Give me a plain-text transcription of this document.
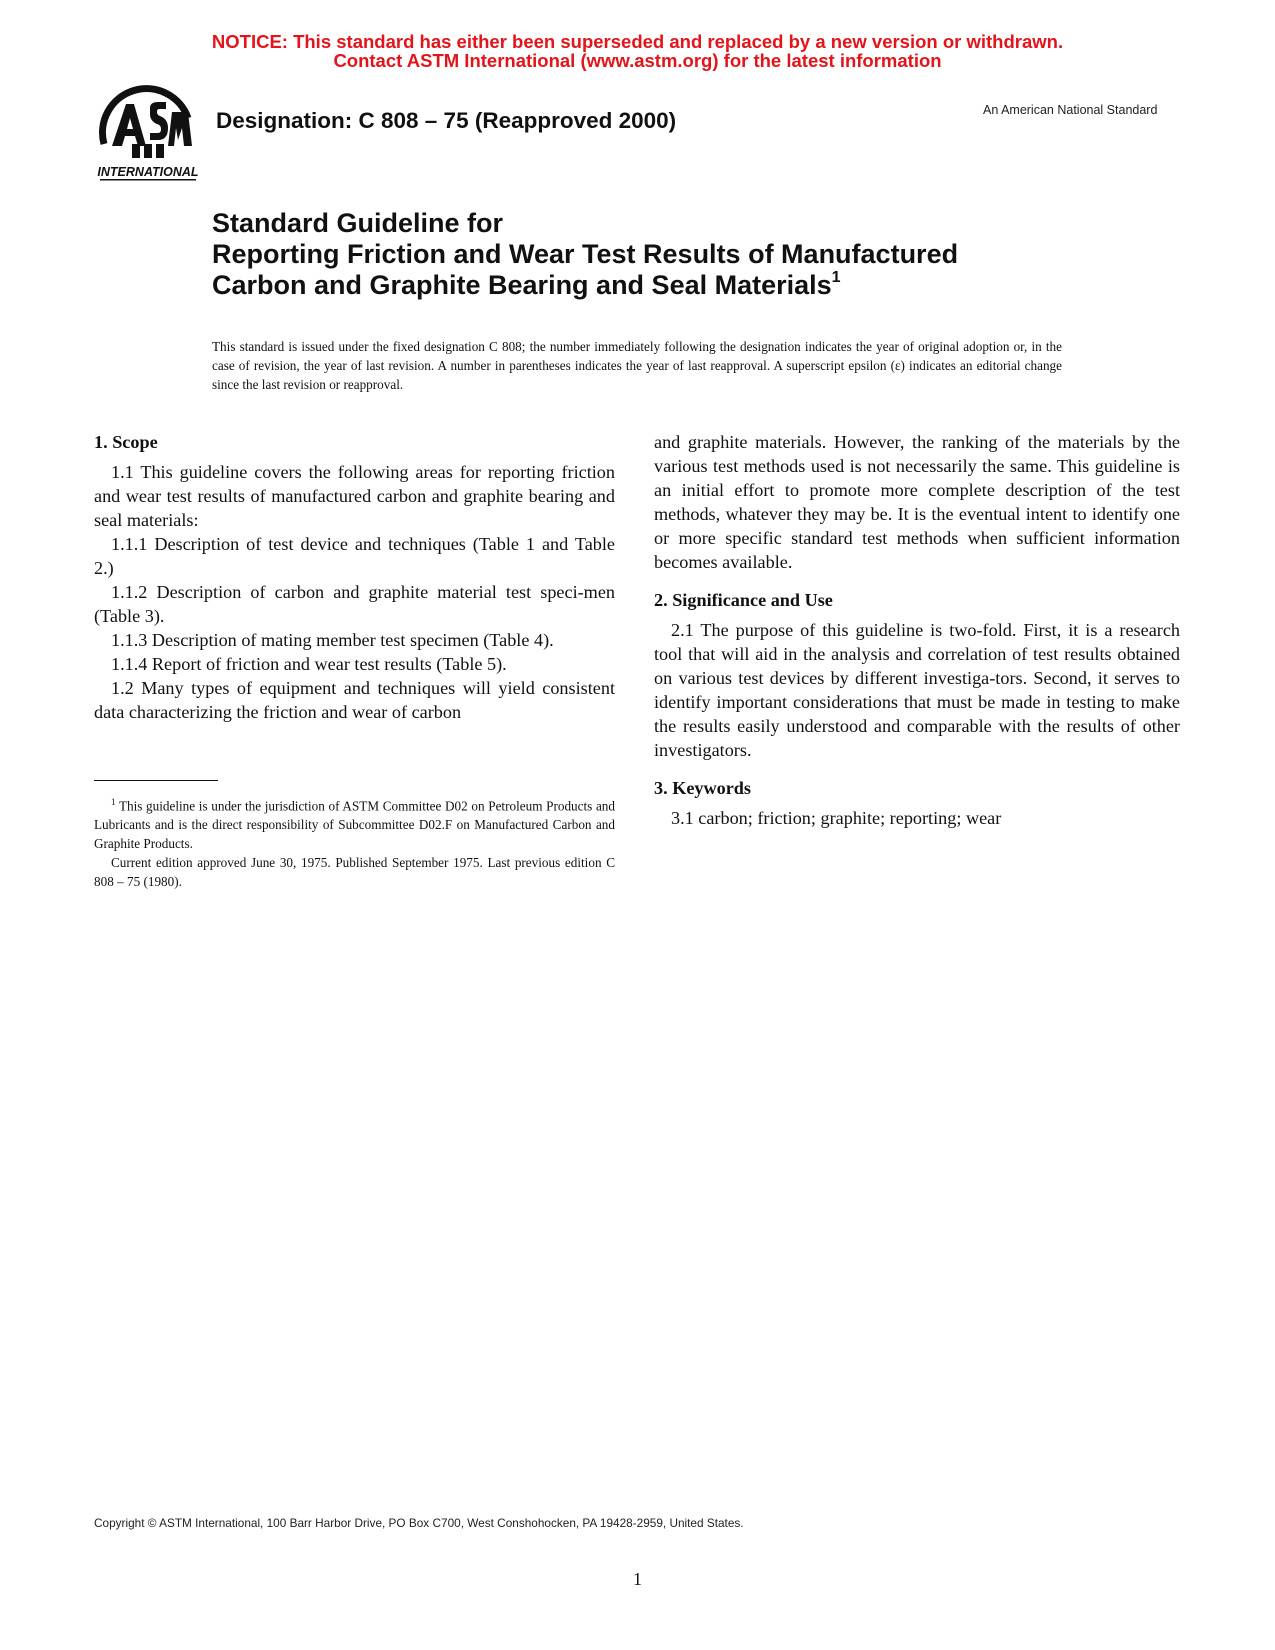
NOTICE: This standard has either been superseded and replaced by a new version or withdrawn.
Contact ASTM International (www.astm.org) for the latest information
INTERNATIONAL
Designation: C 808 – 75 (Reapproved 2000)	An American National Standard
Standard Guideline for
Reporting Friction and Wear Test Results of Manufactured
Carbon and Graphite Bearing and Seal Materials$^1$
This standard is issued under the fixed designation C 808; the number immediately following the designation indicates the year of original adoption or, in the case of revision, the year of last revision. A number in parentheses indicates the year of last reapproval. A superscript epsilon (ε) indicates an editorial change since the last revision or reapproval.
1. Scope

1.1 This guideline covers the following areas for reporting friction and wear test results of manufactured carbon and graphite bearing and seal materials:

1.1.1 Description of test device and techniques (Table 1 and Table 2.)

1.1.2 Description of carbon and graphite material test speci-men (Table 3).

1.1.3 Description of mating member test specimen (Table 4).

1.1.4 Report of friction and wear test results (Table 5).

1.2 Many types of equipment and techniques will yield consistent data characterizing the friction and wear of carbon

and graphite materials. However, the ranking of the materials by the various test methods used is not necessarily the same. This guideline is an initial effort to promote more complete description of the test methods, whatever they may be. It is the eventual intent to identify one or more specific standard test methods when sufficient information becomes available.

2. Significance and Use

2.1 The purpose of this guideline is two-fold. First, it is a research tool that will aid in the analysis and correlation of test results obtained on various test devices by different investiga-tors. Second, it serves to identify important considerations that must be made in testing to make the results easily understood and comparable with the results of other investigators.

3. Keywords

3.1 carbon; friction; graphite; reporting; wear

$^1$ This guideline is under the jurisdiction of ASTM Committee D02 on Petroleum Products and Lubricants and is the direct responsibility of Subcommittee D02.F on Manufactured Carbon and Graphite Products.

Current edition approved June 30, 1975. Published September 1975. Last previous edition C 808 – 75 (1980).

Copyright © ASTM International, 100 Barr Harbor Drive, PO Box C700, West Conshohocken, PA 19428-2959, United States.
1
